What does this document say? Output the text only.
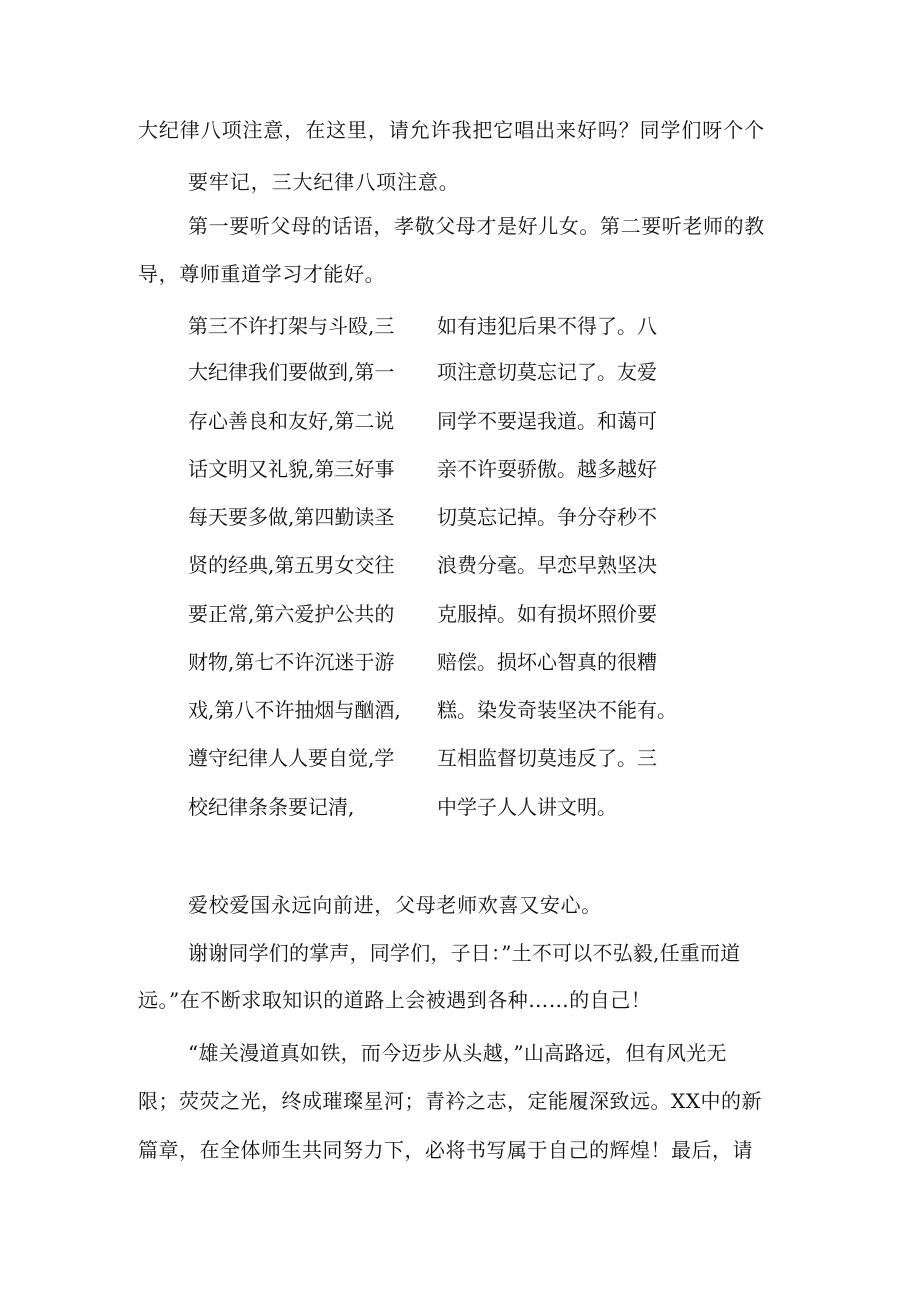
大纪律八项注意，在这里，请允许我把它唱出来好吗？同学们呀个个
要牢记，三大纪律八项注意。
第一要听父母的话语，孝敬父母才是好儿女。第二要听老师的教
导，尊师重道学习才能好。
第三不许打架与斗殴,三
大纪律我们要做到,第一
存心善良和友好,第二说
话文明又礼貌,第三好事
每天要多做,第四勤读圣
贤的经典,第五男女交往
要正常,第六爱护公共的
财物,第七不许沉迷于游
戏,第八不许抽烟与酗酒,
遵守纪律人人要自觉,学
校纪律条条要记清,
如有违犯后果不得了。八
项注意切莫忘记了。友爱
同学不要逞我道。和蔼可
亲不许耍骄傲。越多越好
切莫忘记掉。争分夺秒不
浪费分毫。早恋早熟坚决
克服掉。如有损坏照价要
赔偿。损坏心智真的很糟
糕。染发奇装坚决不能有。
互相监督切莫违反了。三
中学子人人讲文明。
爱校爱国永远向前进，父母老师欢喜又安心。
谢谢同学们的掌声，同学们，子日：”土不可以不弘毅,任重而道
远。”在不断求取知识的道路上会被遇到各种……的自己！
“雄关漫道真如铁，而今迈步从头越，”山高路远，但有风光无
限；荧荧之光，终成璀璨星河；青衿之志，定能履深致远。XX中的新
篇章，在全体师生共同努力下，必将书写属于自己的辉煌！最后，请
